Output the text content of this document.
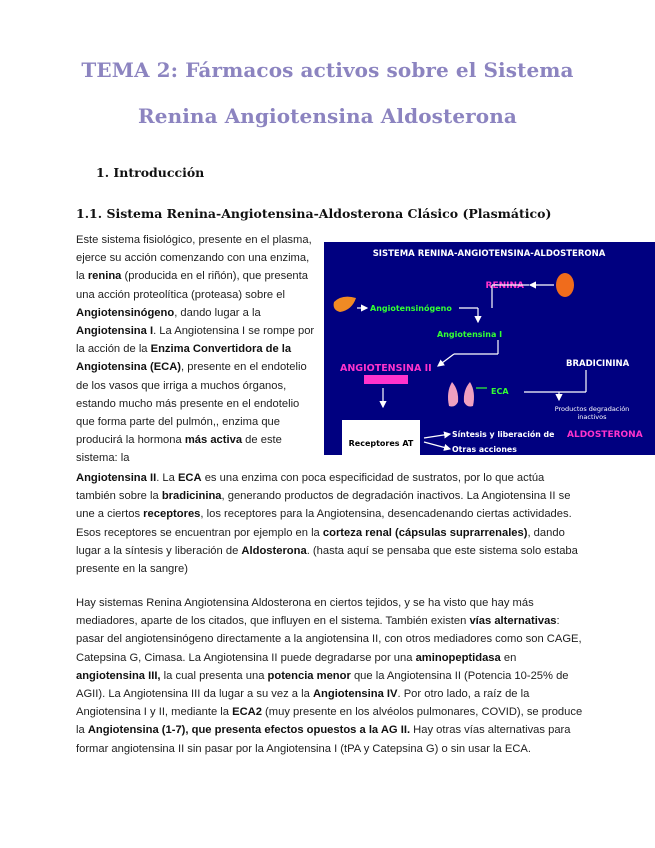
TEMA 2: Fármacos activos sobre el Sistema
Renina Angiotensina Aldosterona
1. Introducción
1.1. Sistema Renina-Angiotensina-Aldosterona Clásico (Plasmático)
Este sistema fisiológico, presente en el plasma, ejerce su acción comenzando con una enzima, la renina (producida en el riñón), que presenta una acción proteolítica (proteasa) sobre el Angiotensinógeno, dando lugar a la Angiotensina I. La Angiotensina I se rompe por la acción de la Enzima Convertidora de la Angiotensina (ECA), presente en el endotelio de los vasos que irriga a muchos órganos, estando mucho más presente en el endotelio que forma parte del pulmón,, enzima que producirá la hormona más activa de este sistema: la
SISTEMA RENINA-ANGIOTENSINA-ALDOSTERONA
RENINA
Angiotensinógeno
Angiotensina I
ANGIOTENSINA II
ECA
BRADICININA
Productos degradación
inactivos
Receptores AT
Síntesis y liberación de ALDOSTERONA
Otras acciones
Angiotensina II. La ECA es una enzima con poca especificidad de sustratos, por lo que actúa también sobre la bradicinina, generando productos de degradación inactivos. La Angiotensina II se une a ciertos receptores, los receptores para la Angiotensina, desencadenando ciertas actividades. Esos receptores se encuentran por ejemplo en la corteza renal (cápsulas suprarrenales), dando lugar a la síntesis y liberación de Aldosterona. (hasta aquí se pensaba que este sistema solo estaba presente en la sangre)
Hay sistemas Renina Angiotensina Aldosterona en ciertos tejidos, y se ha visto que hay más mediadores, aparte de los citados, que influyen en el sistema. También existen vías alternativas: pasar del angiotensinógeno directamente a la angiotensina II, con otros mediadores como son CAGE, Catepsina G, Cimasa. La Angiotensina II puede degradarse por una aminopeptidasa en angiotensina III, la cual presenta una potencia menor que la Angiotensina II (Potencia 10-25% de AGII). La Angiotensina III da lugar a su vez a la Angiotensina IV. Por otro lado, a raíz de la Angiotensina I y II, mediante la ECA2 (muy presente en los alvéolos pulmonares, COVID), se produce la Angiotensina (1-7), que presenta efectos opuestos a la AG II. Hay otras vías alternativas para formar angiotensina II sin pasar por la Angiotensina I (tPA y Catepsina G) o sin usar la ECA.
